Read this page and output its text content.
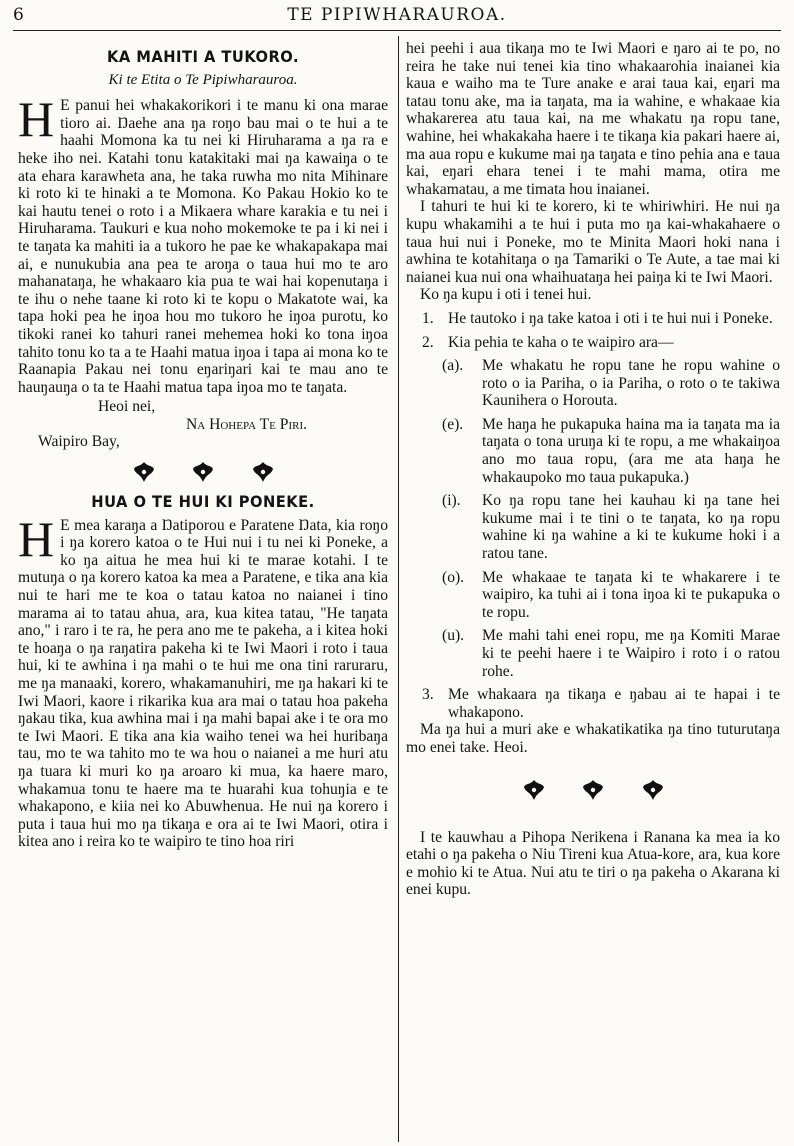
6	TE PIPIWHARAUROA.
KA MAHITI A TUKORO.
Ki te Etita o Te Pipiwharauroa.

H E panui hei whakakorikori i te manu ki ona marae tioro ai. Ŋaehe ana ŋa roŋo bau mai o te hui a te haahi Momona ka tu nei ki Hiruharama a ŋa ra e heke iho nei. Katahi tonu katakitaki mai ŋa kawaiŋa o te ata ehara karawheta ana, he taka ruwha mo nita Mihinare ki roto ki te hinaki a te Momona. Ko Pakau Hokio ko te kai hautu tenei o roto i a Mikaera whare karakia e tu nei i Hiruharama. Taukuri e kua noho mokemoke te pa i ki nei i te taŋata ka mahiti ia a tukoro he pae ke whakapakapa mai ai, e nunukubia ana pea te aroŋa o taua hui mo te aro mahanataŋa, he whakaaro kia pua te wai hai kopenutaŋa i te ihu o nehe taane ki roto ki te kopu o Makatote wai, ka tapa hoki pea he iŋoa hou mo tukoro he iŋoa purotu, ko tikoki ranei ko tahuri ranei mehemea hoki ko tona iŋoa tahito tonu ko ta a te Haahi matua iŋoa i tapa ai mona ko te Raanapia Pakau nei tonu eŋariŋari kai te mau ano te hauŋauŋa o ta te Haahi matua tapa iŋoa mo te taŋata.

Heoi nei,

Na Hohepa Te Piri.

Waipiro Bay,

HUA O TE HUI KI PONEKE.

H E mea karaŋa a Ŋatiporou e Paratene Ŋata, kia roŋo i ŋa korero katoa o te Hui nui i tu nei ki Poneke, a ko ŋa aituа he mea hui ki te marae kotahi. I te mutuŋa o ŋa korero katoa ka mea a Paratene, e tika ana kia nui te hari me te koa o tatau katoa no naianei i tino marama ai to tatau ahua, ara, kua kitea tatau, "He taŋata ano," i raro i te ra, he pera ano me te pakeha, a i kitea hoki te hoaŋa o ŋa raŋatira pakeha ki te Iwi Maori i roto i taua hui, ki te awhina i ŋa mahi o te hui me ona tini raruraru, me ŋa manaaki, korero, whakamanuhiri, me ŋa hakari ki te Iwi Maori, kaore i rikarika kua ara mai o tatau hoa pakeha ŋakau tika, kua awhina mai i ŋa mahi bapai ake i te ora mo te Iwi Maori. E tika ana kia waiho tenei wa hei huribaŋa tau, mo te wa tahito mo te wa hou o naianei a me huri atu ŋa tuara ki muri ko ŋa aroaro ki mua, ka haere maro, whakamua tonu te haere ma te huarahi kua tohuŋia e te whakapono, e kiia nei ko Abuwhenua. He nui ŋa korero i puta i taua hui mo ŋa tikaŋa e ora ai te Iwi Maori, otira i kitea ano i reira ko te waipiro te tino hoa riri

hei peehi i aua tikaŋa mo te Iwi Maori e ŋaro ai te po, no reira he take nui tenei kia tino whakaarohia inaianei kia kaua e waiho ma te Ture anake e arai taua kai, eŋari ma tatau tonu ake, ma ia taŋata, ma ia wahine, e whakaae kia whakarerea atu taua kai, na me whakatu ŋa ropu tane, wahine, hei whakakaha haere i te tikaŋa kia pakari haere ai, ma aua ropu e kukume mai ŋa taŋata e tino pehia ana e taua kai, eŋari ehara tenei i te mahi mama, otira me whakamatau, a me timata hou inaianei.

I tahuri te hui ki te korero, ki te whiriwhiri. He nui ŋa kupu whakamihi a te hui i puta mo ŋa kai-whakahaere o taua hui nui i Poneke, mo te Minita Maori hoki nana i awhina te kotahitaŋa o ŋa Tamariki o Te Aute, a tae mai ki naianei kua nui ona whaihuataŋa hei paiŋa ki te Iwi Maori.

Ko ŋa kupu i oti i tenei hui.

1. He tautoko i ŋa take katoa i oti i te hui nui i Poneke.
2. Kia pehia te kaha o te waipiro ara—
(a).	Me whakatu he ropu tane he ropu wahine o roto o ia Pariha, o ia Pariha, o roto o te takiwa Kaunihera o Horouta.
(e).	Me haŋa he pukapuka haina ma ia taŋata ma ia taŋata o tona uruŋa ki te ropu, a me whakaiŋoa ano mo taua ropu, (ara me ata haŋa he whakaupoko mo taua pukapuka.)
(i).	Ko ŋa ropu tane hei kauhau ki ŋa tane hei kukume mai i te tini o te taŋata, ko ŋa ropu wahine ki ŋa wahine a ki te kukume hoki i a ratou tane.
(o).	Me whakaae te taŋata ki te whakarere i te waipiro, ka tuhi ai i tona iŋoa ki te pukapuka o te ropu.
(u).	Me mahi tahi enei ropu, me ŋa Komiti Marae ki te peehi haere i te Waipiro i roto i o ratou rohe.
3. Me whakaara ŋa tikaŋa e ŋabau ai te hapai i te whakapono.

Ma ŋa hui a muri ake e whakatikatika ŋa tino tuturutaŋa mo enei take. Heoi.

I te kauwhau a Pihopa Nerikena i Ranana ka mea ia ko etahi o ŋa pakeha o Niu Tireni kua Atua-kore, ara, kua kore e mohio ki te Atua. Nui atu te tiri o ŋa pakeha o Akarana ki enei kupu.
